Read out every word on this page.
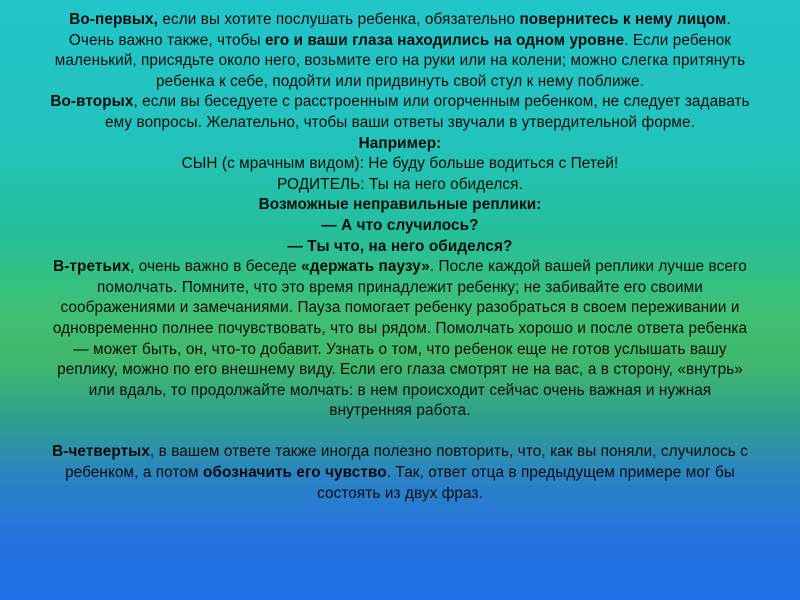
Во-первых, если вы хотите послушать ребенка, обязательно повернитесь к нему лицом. Очень важно также, чтобы его и ваши глаза находились на одном уровне. Если ребенок маленький, присядьте около него, возьмите его на руки или на колени; можно слегка притянуть ребенка к себе, подойти или придвинуть свой стул к нему поближе.

Во-вторых, если вы беседуете с расстроенным или огорченным ребенком, не следует задавать ему вопросы. Желательно, чтобы ваши ответы звучали в утвердительной форме.

Например:

СЫН (с мрачным видом): Не буду больше водиться с Петей!

РОДИТЕЛЬ: Ты на него обиделся.

Возможные неправильные реплики:

— А что случилось?

— Ты что, на него обиделся?

В-третьих, очень важно в беседе «держать паузу». После каждой вашей реплики лучше всего помолчать. Помните, что это время принадлежит ребенку; не забивайте его своими соображениями и замечаниями. Пауза помогает ребенку разобраться в своем переживании и одновременно полнее почувствовать, что вы рядом. Помолчать хорошо и после ответа ребенка — может быть, он, что-то добавит. Узнать о том, что ребенок еще не готов услышать вашу реплику, можно по его внешнему виду. Если его глаза смотрят не на вас, а в сторону, «внутрь» или вдаль, то продолжайте молчать: в нем происходит сейчас очень важная и нужная внутренняя работа.

В-четвертых, в вашем ответе также иногда полезно повторить, что, как вы поняли, случилось с ребенком, а потом обозначить его чувство. Так, ответ отца в предыдущем примере мог бы состоять из двух фраз.
